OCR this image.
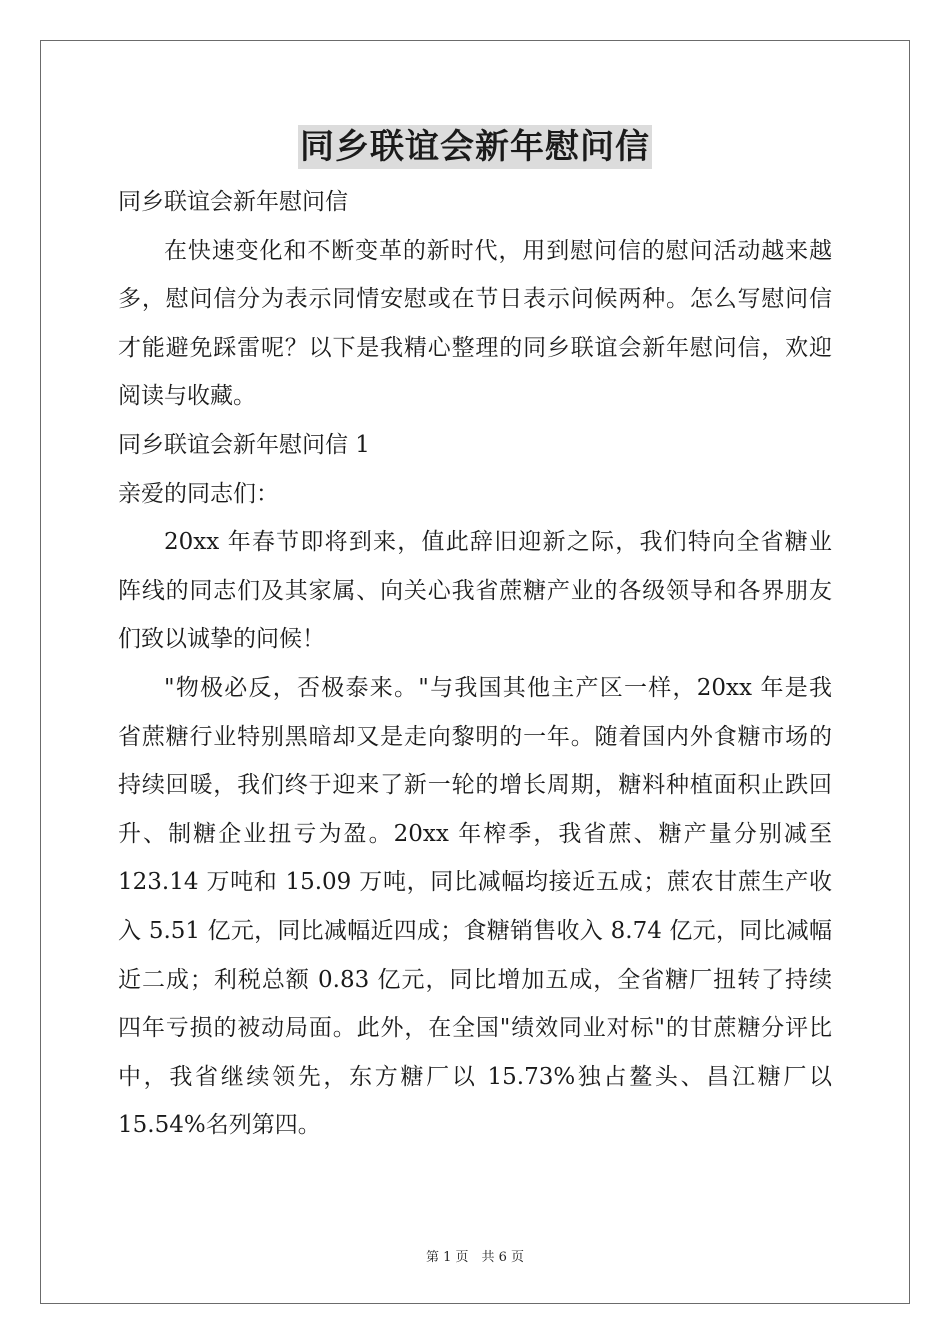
同乡联谊会新年慰问信
同乡联谊会新年慰问信
在快速变化和不断变革的新时代，用到慰问信的慰问活动越来越
多，慰问信分为表示同情安慰或在节日表示问候两种。怎么写慰问信
才能避免踩雷呢？以下是我精心整理的同乡联谊会新年慰问信，欢迎
阅读与收藏。
同乡联谊会新年慰问信 1
亲爱的同志们：
20xx 年春节即将到来，值此辞旧迎新之际，我们特向全省糖业
阵线的同志们及其家属、向关心我省蔗糖产业的各级领导和各界朋友
们致以诚挚的问候！
"物极必反，否极泰来。"与我国其他主产区一样，20xx 年是我
省蔗糖行业特别黑暗却又是走向黎明的一年。随着国内外食糖市场的
持续回暖，我们终于迎来了新一轮的增长周期，糖料种植面积止跌回
升、制糖企业扭亏为盈。20xx 年榨季，我省蔗、糖产量分别减至
123.14 万吨和 15.09 万吨，同比减幅均接近五成；蔗农甘蔗生产收
入 5.51 亿元，同比减幅近四成；食糖销售收入 8.74 亿元，同比减幅
近二成；利税总额 0.83 亿元，同比增加五成，全省糖厂扭转了持续
四年亏损的被动局面。此外，在全国"绩效同业对标"的甘蔗糖分评比
中，我省继续领先，东方糖厂以 15.73%独占鳌头、昌江糖厂以
15.54%名列第四。
第 1 页　共 6 页
